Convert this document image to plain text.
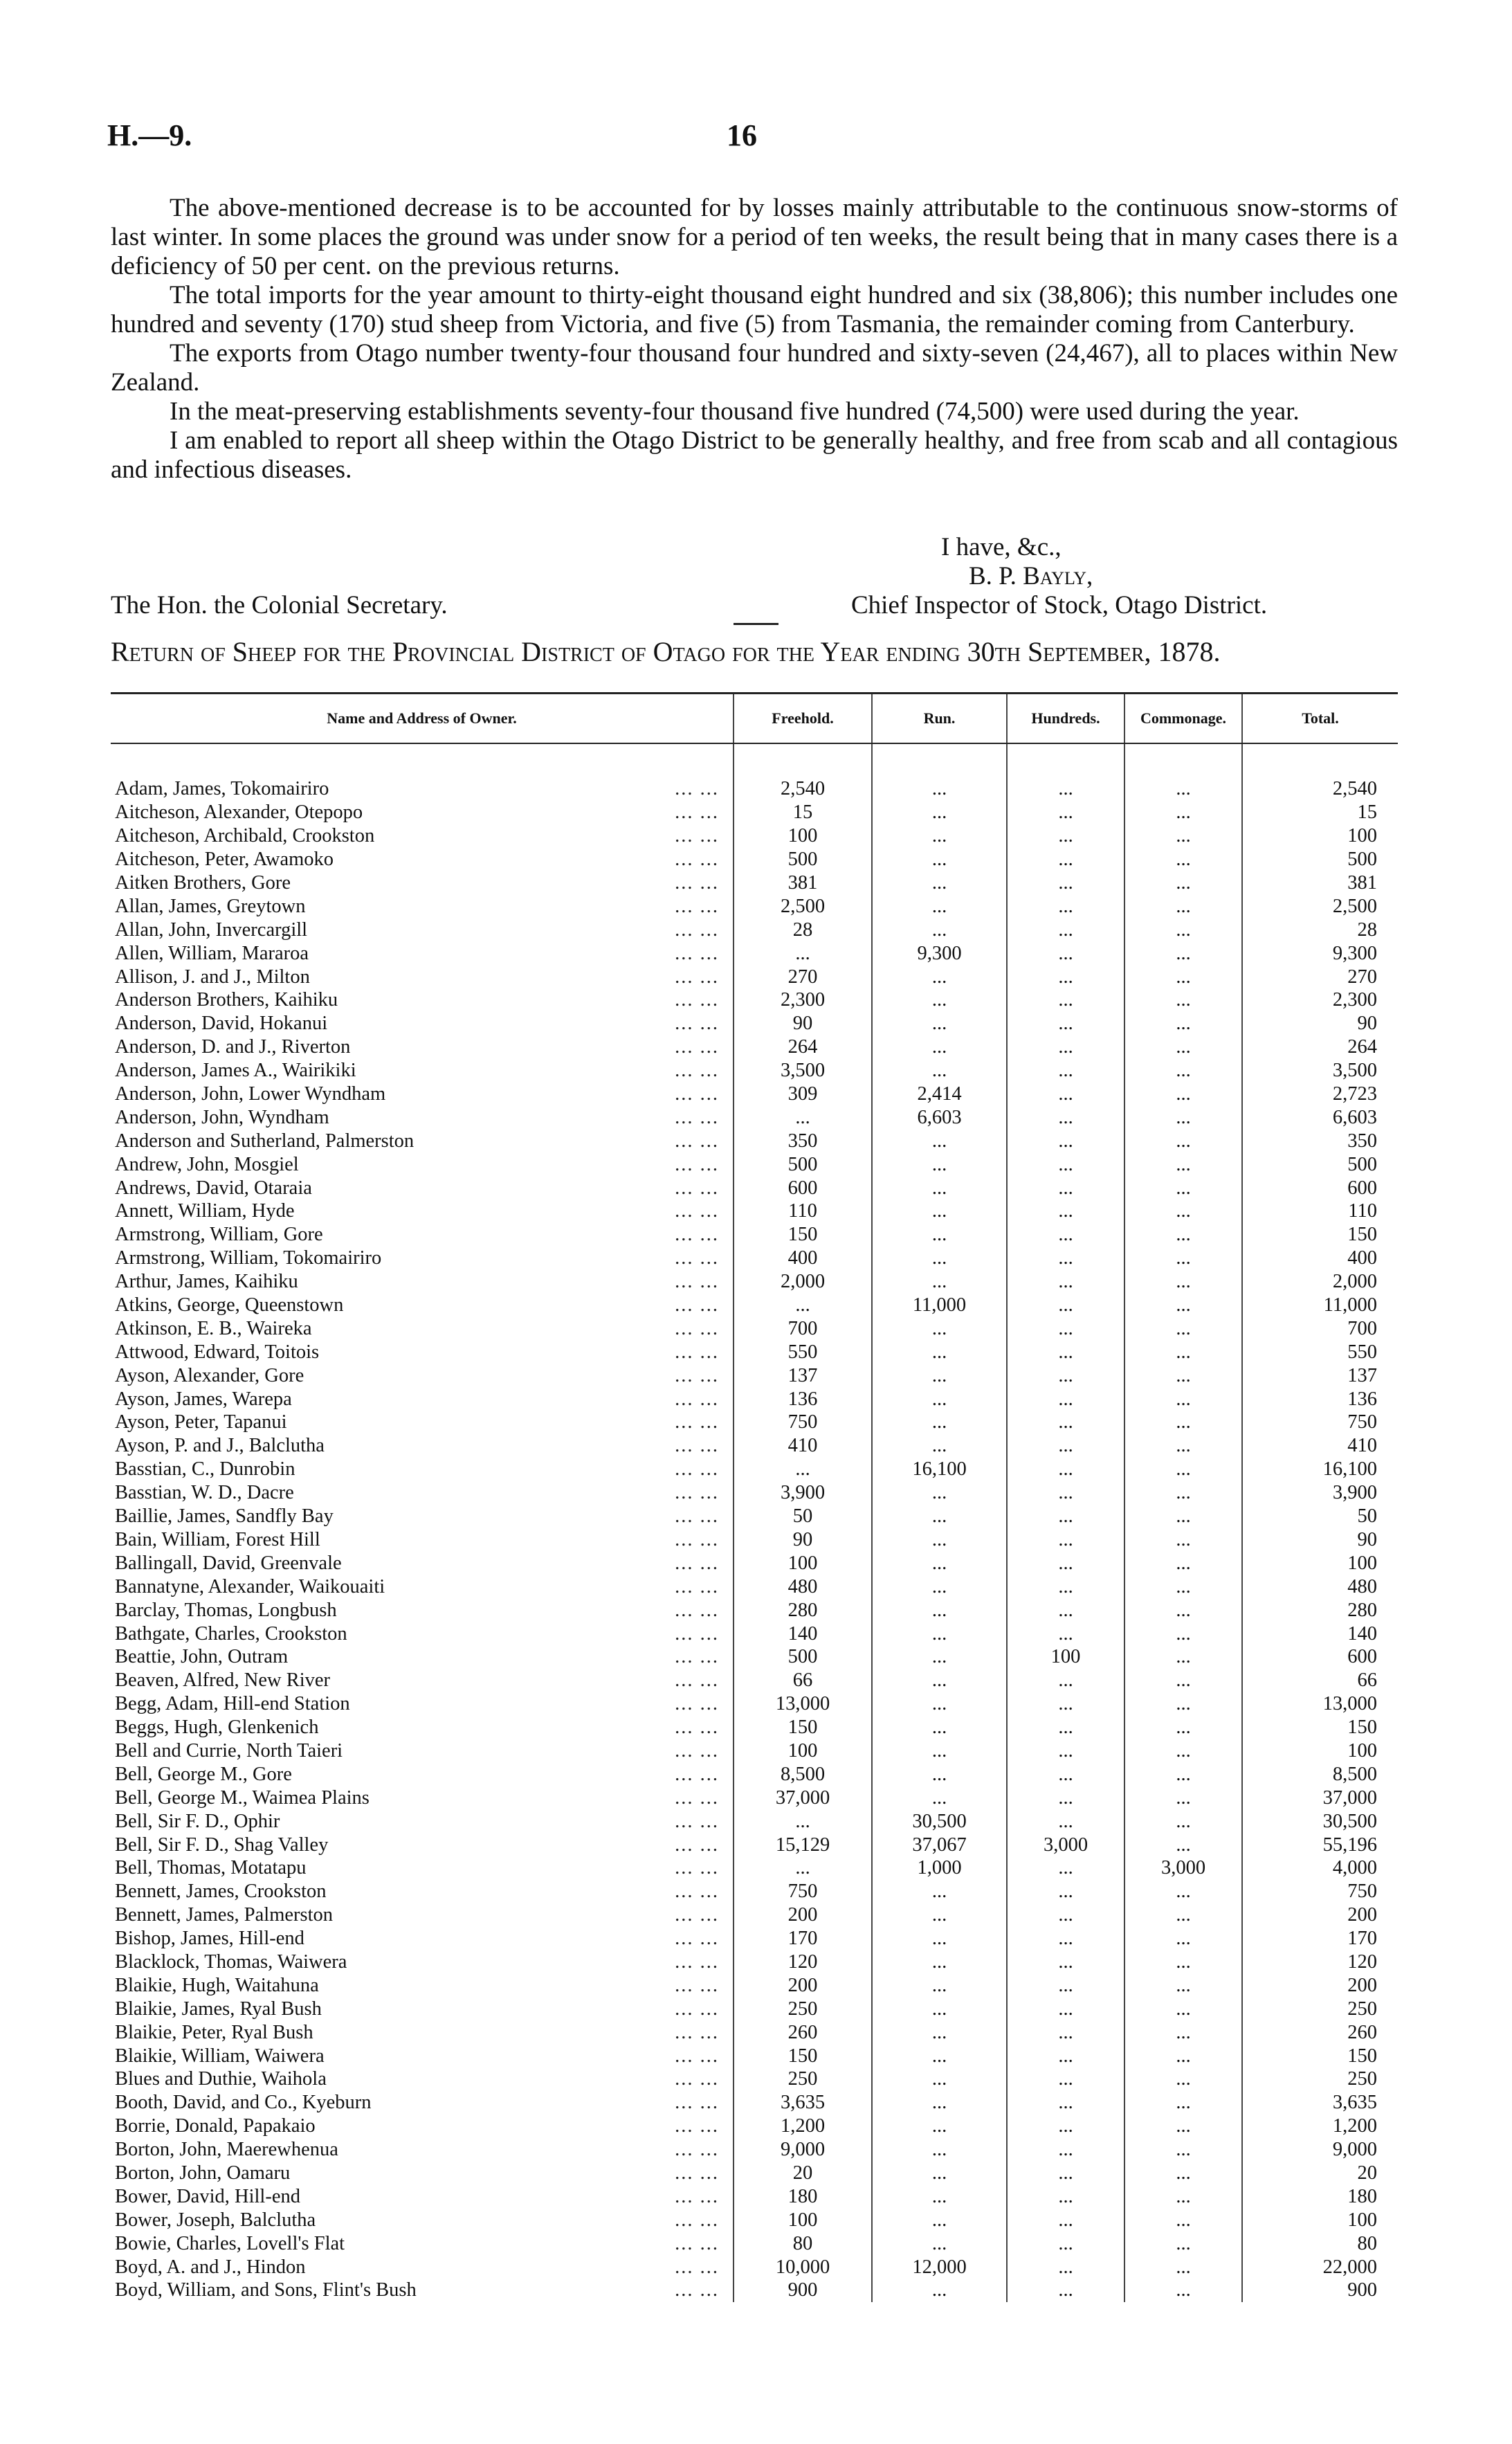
H.—9.	16

The above-mentioned decrease is to be accounted for by losses mainly attributable to the continuous snow-storms of last winter. In some places the ground was under snow for a period of ten weeks, the result being that in many cases there is a deficiency of 50 per cent. on the previous returns.

The total imports for the year amount to thirty-eight thousand eight hundred and six (38,806); this number includes one hundred and seventy (170) stud sheep from Victoria, and five (5) from Tasmania, the remainder coming from Canterbury.

The exports from Otago number twenty-four thousand four hundred and sixty-seven (24,467), all to places within New Zealand.

In the meat-preserving establishments seventy-four thousand five hundred (74,500) were used during the year.

I am enabled to report all sheep within the Otago District to be generally healthy, and free from scab and all contagious and infectious diseases.

I have, &c.,
B. P. Bayly,
The Hon. the Colonial Secretary.	Chief Inspector of Stock, Otago District.
Return of Sheep for the Provincial District of Otago for the Year ending 30th September, 1878.
Name and Address of Owner.	Freehold.	Run.	Hundreds.	Commonage.	Total.

Adam, James, Tokomairiro ... ...	2,540	...	...	...	2,540

Aitcheson, Alexander, Otepopo ... ...	15	...	...	...	15

Aitcheson, Archibald, Crookston ... ...	100	...	...	...	100

Aitcheson, Peter, Awamoko ... ...	500	...	...	...	500

Aitken Brothers, Gore ... ...	381	...	...	...	381

Allan, James, Greytown ... ...	2,500	...	...	...	2,500

Allan, John, Invercargill ... ...	28	...	...	...	28

Allen, William, Mararoa ... ...	...	9,300	...	...	9,300

Allison, J. and J., Milton ... ...	270	...	...	...	270

Anderson Brothers, Kaihiku ... ...	2,300	...	...	...	2,300

Anderson, David, Hokanui ... ...	90	...	...	...	90

Anderson, D. and J., Riverton ... ...	264	...	...	...	264

Anderson, James A., Wairikiki ... ...	3,500	...	...	...	3,500

Anderson, John, Lower Wyndham ... ...	309	2,414	...	...	2,723

Anderson, John, Wyndham ... ...	...	6,603	...	...	6,603

Anderson and Sutherland, Palmerston ... ...	350	...	...	...	350

Andrew, John, Mosgiel ... ...	500	...	...	...	500

Andrews, David, Otaraia ... ...	600	...	...	...	600

Annett, William, Hyde ... ...	110	...	...	...	110

Armstrong, William, Gore ... ...	150	...	...	...	150

Armstrong, William, Tokomairiro ... ...	400	...	...	...	400

Arthur, James, Kaihiku ... ...	2,000	...	...	...	2,000

Atkins, George, Queenstown ... ...	...	11,000	...	...	11,000

Atkinson, E. B., Waireka ... ...	700	...	...	...	700

Attwood, Edward, Toitois ... ...	550	...	...	...	550

Ayson, Alexander, Gore ... ...	137	...	...	...	137

Ayson, James, Warepa ... ...	136	...	...	...	136

Ayson, Peter, Tapanui ... ...	750	...	...	...	750

Ayson, P. and J., Balclutha ... ...	410	...	...	...	410

Basstian, C., Dunrobin ... ...	...	16,100	...	...	16,100

Basstian, W. D., Dacre ... ...	3,900	...	...	...	3,900

Baillie, James, Sandfly Bay ... ...	50	...	...	...	50

Bain, William, Forest Hill ... ...	90	...	...	...	90

Ballingall, David, Greenvale ... ...	100	...	...	...	100

Bannatyne, Alexander, Waikouaiti ... ...	480	...	...	...	480

Barclay, Thomas, Longbush ... ...	280	...	...	...	280

Bathgate, Charles, Crookston ... ...	140	...	...	...	140

Beattie, John, Outram ... ...	500	...	100	...	600

Beaven, Alfred, New River ... ...	66	...	...	...	66

Begg, Adam, Hill-end Station ... ...	13,000	...	...	...	13,000

Beggs, Hugh, Glenkenich ... ...	150	...	...	...	150

Bell and Currie, North Taieri ... ...	100	...	...	...	100

Bell, George M., Gore ... ...	8,500	...	...	...	8,500

Bell, George M., Waimea Plains ... ...	37,000	...	...	...	37,000

Bell, Sir F. D., Ophir ... ...	...	30,500	...	...	30,500

Bell, Sir F. D., Shag Valley ... ...	15,129	37,067	3,000	...	55,196

Bell, Thomas, Motatapu ... ...	...	1,000	...	3,000	4,000

Bennett, James, Crookston ... ...	750	...	...	...	750

Bennett, James, Palmerston ... ...	200	...	...	...	200

Bishop, James, Hill-end ... ...	170	...	...	...	170

Blacklock, Thomas, Waiwera ... ...	120	...	...	...	120

Blaikie, Hugh, Waitahuna ... ...	200	...	...	...	200

Blaikie, James, Ryal Bush ... ...	250	...	...	...	250

Blaikie, Peter, Ryal Bush ... ...	260	...	...	...	260

Blaikie, William, Waiwera ... ...	150	...	...	...	150

Blues and Duthie, Waihola ... ...	250	...	...	...	250

Booth, David, and Co., Kyeburn ... ...	3,635	...	...	...	3,635

Borrie, Donald, Papakaio ... ...	1,200	...	...	...	1,200

Borton, John, Maerewhenua ... ...	9,000	...	...	...	9,000

Borton, John, Oamaru ... ...	20	...	...	...	20

Bower, David, Hill-end ... ...	180	...	...	...	180

Bower, Joseph, Balclutha ... ...	100	...	...	...	100

Bowie, Charles, Lovell's Flat ... ...	80	...	...	...	80

Boyd, A. and J., Hindon ... ...	10,000	12,000	...	...	22,000

Boyd, William, and Sons, Flint's Bush ... ...	900	...	...	...	900
